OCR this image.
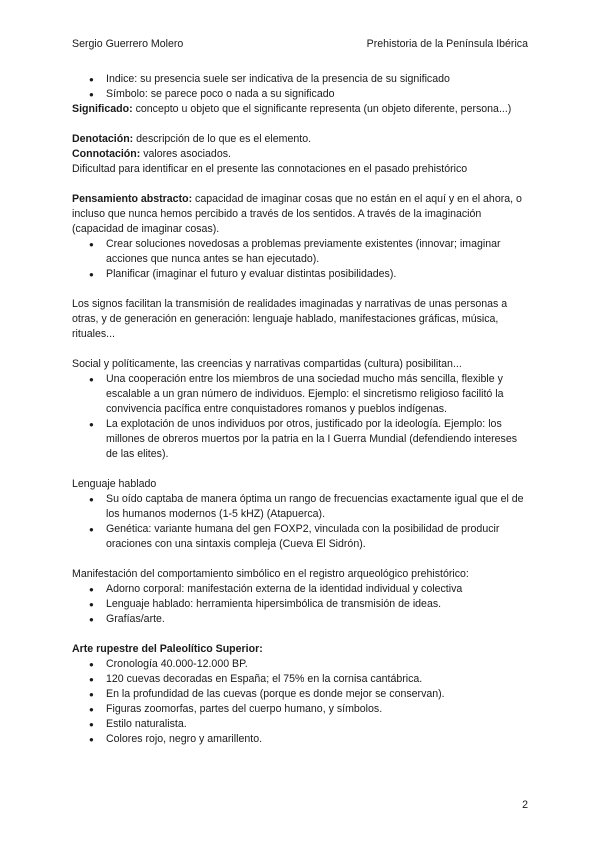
Sergio Guerrero Molero	Prehistoria de la Península Ibérica
● Indice: su presencia suele ser indicativa de la presencia de su significado
● Símbolo: se parece poco o nada a su significado

Significado: concepto u objeto que el significante representa (un objeto diferente, persona...)

Denotación: descripción de lo que es el elemento.

Connotación: valores asociados.

Dificultad para identificar en el presente las connotaciones en el pasado prehistórico

Pensamiento abstracto: capacidad de imaginar cosas que no están en el aquí y en el ahora, o incluso que nunca hemos percibido a través de los sentidos. A través de la imaginación (capacidad de imaginar cosas).

● Crear soluciones novedosas a problemas previamente existentes (innovar; imaginar acciones que nunca antes se han ejecutado).
● Planificar (imaginar el futuro y evaluar distintas posibilidades).

Los signos facilitan la transmisión de realidades imaginadas y narrativas de unas personas a otras, y de generación en generación: lenguaje hablado, manifestaciones gráficas, música, rituales...

Social y políticamente, las creencias y narrativas compartidas (cultura) posibilitan...

● Una cooperación entre los miembros de una sociedad mucho más sencilla, flexible y escalable a un gran número de individuos. Ejemplo: el sincretismo religioso facilitó la convivencia pacífica entre conquistadores romanos y pueblos indígenas.
● La explotación de unos individuos por otros, justificado por la ideología. Ejemplo: los millones de obreros muertos por la patria en la I Guerra Mundial (defendiendo intereses de las elites).

Lenguaje hablado

● Su oído captaba de manera óptima un rango de frecuencias exactamente igual que el de los humanos modernos (1-5 kHZ) (Atapuerca).
● Genética: variante humana del gen FOXP2, vinculada con la posibilidad de producir oraciones con una sintaxis compleja (Cueva El Sidrón).

Manifestación del comportamiento simbólico en el registro arqueológico prehistórico:

● Adorno corporal: manifestación externa de la identidad individual y colectiva
● Lenguaje hablado: herramienta hipersimbólica de transmisión de ideas.
● Grafías/arte.

Arte rupestre del Paleolítico Superior:

● Cronología 40.000-12.000 BP.
● 120 cuevas decoradas en España; el 75% en la cornisa cantábrica.
● En la profundidad de las cuevas (porque es donde mejor se conservan).
● Figuras zoomorfas, partes del cuerpo humano, y símbolos.
● Estilo naturalista.
● Colores rojo, negro y amarillento.
2
